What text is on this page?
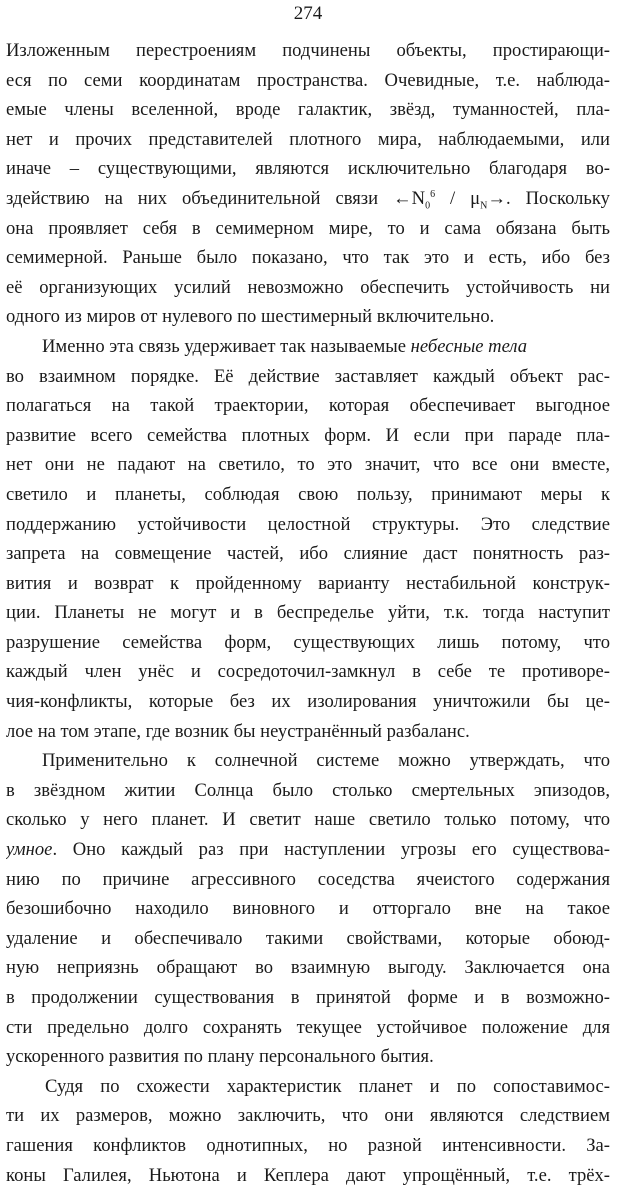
274
Изложенным перестроениям подчинены объекты, простирающи-
еся по семи координатам пространства. Очевидные, т.е. наблюда-
емые члены вселенной, вроде галактик, звёзд, туманностей, пла-
нет и прочих представителей плотного мира, наблюдаемыми, или
иначе – существующими, являются исключительно благодаря во-
здействию на них объединительной связи $\leftarrow N_0^6 / \mu_N\to$. Поскольку
она проявляет себя в семимерном мире, то и сама обязана быть
семимерной. Раньше было показано, что так это и есть, ибо без
её организующих усилий невозможно обеспечить устойчивость ни
одного из миров от нулевого по шестимерный включительно.
Именно эта связь удерживает так называемые небесные тела
во взаимном порядке. Её действие заставляет каждый объект рас-
полагаться на такой траектории, которая обеспечивает выгодное
развитие всего семейства плотных форм. И если при параде пла-
нет они не падают на светило, то это значит, что все они вместе,
светило и планеты, соблюдая свою пользу, принимают меры к
поддержанию устойчивости целостной структуры. Это следствие
запрета на совмещение частей, ибо слияние даст понятность раз-
вития и возврат к пройденному варианту нестабильной конструк-
ции. Планеты не могут и в беспределье уйти, т.к. тогда наступит
разрушение семейства форм, существующих лишь потому, что
каждый член унёс и сосредоточил-замкнул в себе те противоре-
чия-конфликты, которые без их изолирования уничтожили бы це-
лое на том этапе, где возник бы неустранённый разбаланс.
Применительно к солнечной системе можно утверждать, что
в звёздном житии Солнца было столько смертельных эпизодов,
сколько у него планет. И светит наше светило только потому, что
умное. Оно каждый раз при наступлении угрозы его существова-
нию по причине агрессивного соседства ячеистого содержания
безошибочно находило виновного и отторгало вне на такое
удаление и обеспечивало такими свойствами, которые обоюд-
ную неприязнь обращают во взаимную выгоду. Заключается она
в продолжении существования в принятой форме и в возможно-
сти предельно долго сохранять текущее устойчивое положение для
ускоренного развития по плану персонального бытия.
Судя по схожести характеристик планет и по сопоставимос-
ти их размеров, можно заключить, что они являются следствием
гашения конфликтов однотипных, но разной интенсивности. За-
коны Галилея, Ньютона и Кеплера дают упрощённый, т.е. трёх-
